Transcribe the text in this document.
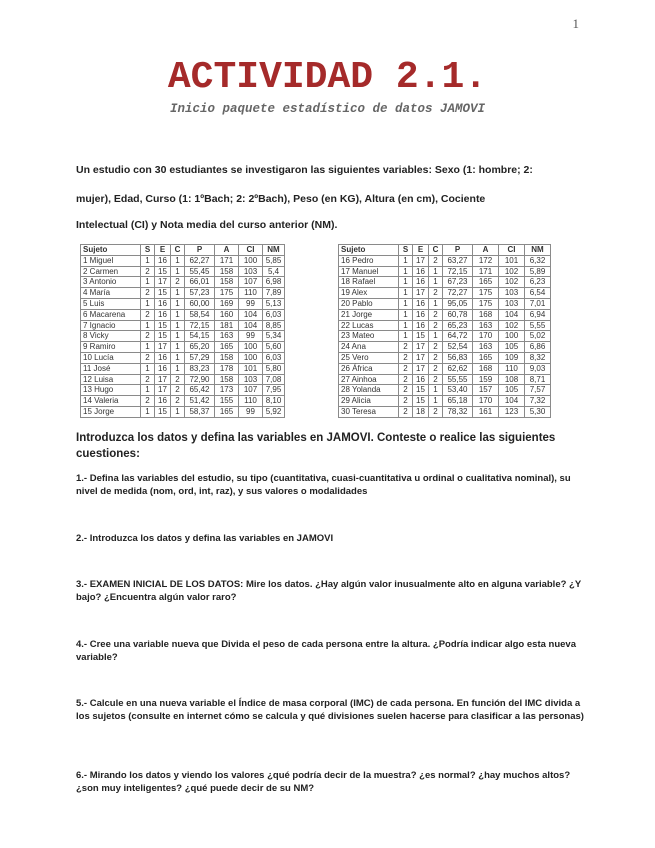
1
ACTIVIDAD 2.1.
Inicio paquete estadístico de datos JAMOVI
Un estudio con 30 estudiantes se investigaron las siguientes variables: Sexo (1: hombre; 2:
mujer), Edad, Curso (1: 1ºBach; 2: 2ºBach), Peso (en KG), Altura (en cm), Cociente
Intelectual (CI) y Nota media del curso anterior (NM).
Sujeto	S	E	C	P	A	CI	NM
1 Miguel	1	16	1	62,27	171	100	5,85
2 Carmen	2	15	1	55,45	158	103	5,4
3 Antonio	1	17	2	66,01	158	107	6,98
4 María	2	15	1	57,23	175	110	7,89
5 Luis	1	16	1	60,00	169	99	5,13
6 Macarena	2	16	1	58,54	160	104	6,03
7 Ignacio	1	15	1	72,15	181	104	8,85
8 Vicky	2	15	1	54,15	163	99	5,34
9 Ramiro	1	17	1	65,20	165	100	5,60
10 Lucía	2	16	1	57,29	158	100	6,03
11 José	1	16	1	83,23	178	101	5,80
12 Luisa	2	17	2	72,90	158	103	7,08
13 Hugo	1	17	2	65,42	173	107	7,95
14 Valeria	2	16	2	51,42	155	110	8,10
15 Jorge	1	15	1	58,37	165	99	5,92
Sujeto	S	E	C	P	A	CI	NM
16 Pedro	1	17	2	63,27	172	101	6,32
17 Manuel	1	16	1	72,15	171	102	5,89
18 Rafael	1	16	1	67,23	165	102	6,23
19 Alex	1	17	2	72,27	175	103	6,54
20 Pablo	1	16	1	95,05	175	103	7,01
21 Jorge	1	16	2	60,78	168	104	6,94
22 Lucas	1	16	2	65,23	163	102	5,55
23 Mateo	1	15	1	64,72	170	100	5,02
24 Ana	2	17	2	52,54	163	105	6,86
25 Vero	2	17	2	56,83	165	109	8,32
26 África	2	17	2	62,62	168	110	9,03
27 Ainhoa	2	16	2	55,55	159	108	8,71
28 Yolanda	2	15	1	53,40	157	105	7,57
29 Alicia	2	15	1	65,18	170	104	7,32
30 Teresa	2	18	2	78,32	161	123	5,30
Introduzca los datos y defina las variables en JAMOVI. Conteste o realice las siguientes cuestiones:
1.- Defina las variables del estudio, su tipo (cuantitativa, cuasi-cuantitativa u ordinal o cualitativa nominal), su nivel de medida (nom, ord, int, raz), y sus valores o modalidades
2.- Introduzca los datos y defina las variables en JAMOVI
3.- EXAMEN INICIAL DE LOS DATOS: Mire los datos. ¿Hay algún valor inusualmente alto en alguna variable? ¿Y bajo? ¿Encuentra algún valor raro?
4.- Cree una variable nueva que Divida el peso de cada persona entre la altura. ¿Podría indicar algo esta nueva variable?
5.- Calcule en una nueva variable el Índice de masa corporal (IMC) de cada persona. En función del IMC divida a los sujetos (consulte en internet cómo se calcula y qué divisiones suelen hacerse para clasificar a las personas)
6.- Mirando los datos y viendo los valores ¿qué podría decir de la muestra? ¿es normal? ¿hay muchos altos? ¿son muy inteligentes? ¿qué puede decir de su NM?
